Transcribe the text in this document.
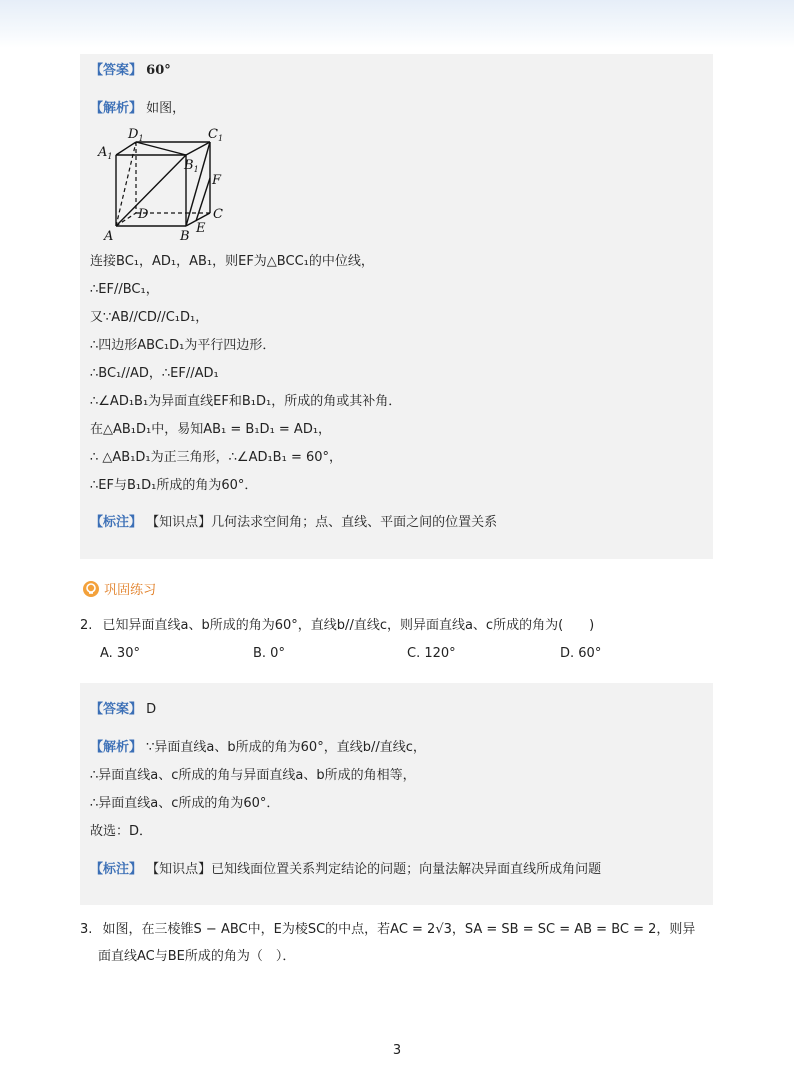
【答案】 60°
【解析】 如图，
$D_1$	$C_1$
$A_1$
$B_1$
F
D	C
A	B
E
连接BC₁，AD₁，AB₁，则EF为△BCC₁的中位线，
∴EF//BC₁，
又∵AB//CD//C₁D₁，
∴四边形ABC₁D₁为平行四边形．
∴BC₁//AD，∴EF//AD₁
∴∠AD₁B₁为异面直线EF和B₁D₁，所成的角或其补角．
在△AB₁D₁中，易知AB₁ = B₁D₁ = AD₁，
∴ △AB₁D₁为正三角形，∴∠AD₁B₁ = 60°，
∴EF与B₁D₁所成的角为60°．
【标注】 【知识点】几何法求空间角；点、直线、平面之间的位置关系
巩固练习
2. 已知异面直线a、b所成的角为60°，直线b//直线c，则异面直线a、c所成的角为(　　)
A. 30°	B. 0°	C. 120°	D. 60°
【答案】 D
【解析】 ∵异面直线a、b所成的角为60°，直线b//直线c，
∴异面直线a、c所成的角与异面直线a、b所成的角相等，
∴异面直线a、c所成的角为60°．
故选：D．
【标注】 【知识点】已知线面位置关系判定结论的问题；向量法解决异面直线所成角问题
3. 如图，在三棱锥S − ABC中，E为棱SC的中点，若AC = 2√3，SA = SB = SC = AB = BC = 2，则异
面直线AC与BE所成的角为（　）．
3
